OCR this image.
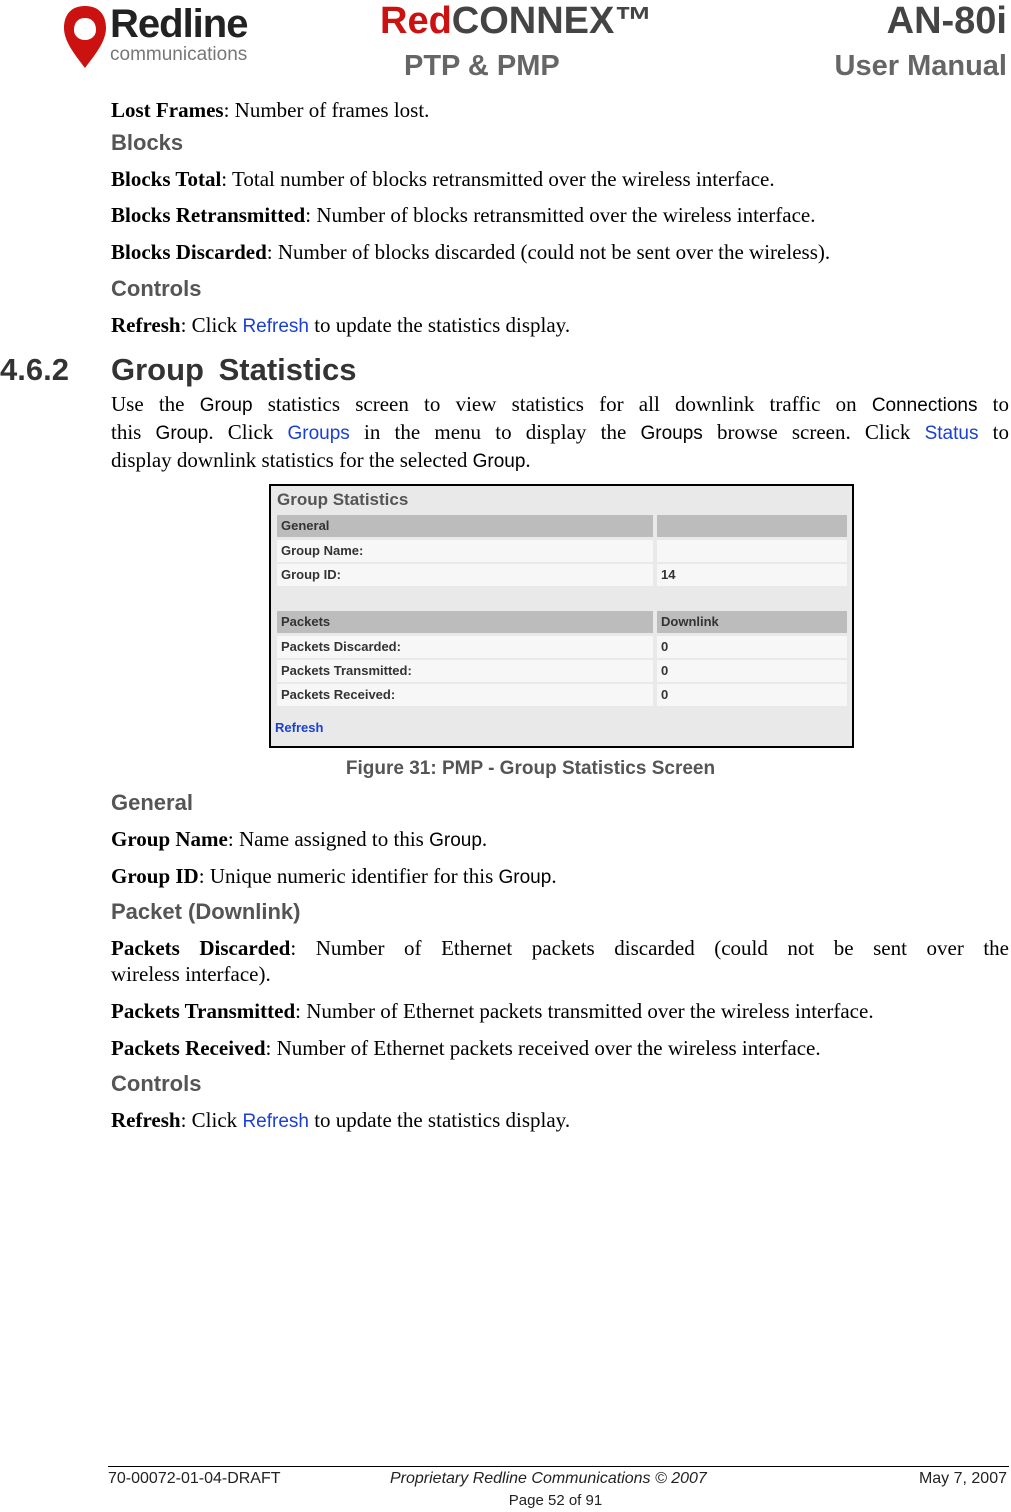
Redline
communications
RedCONNEX™	AN-80i
PTP & PMP	User Manual
Lost Frames: Number of frames lost.
Blocks
Blocks Total: Total number of blocks retransmitted over the wireless interface.
Blocks Retransmitted: Number of blocks retransmitted over the wireless interface.
Blocks Discarded: Number of blocks discarded (could not be sent over the wireless).
Controls
Refresh: Click Refresh to update the statistics display.
4.6.2 Group Statistics
Use the Group statistics screen to view statistics for all downlink traffic on Connections to
this Group. Click Groups in the menu to display the Groups browse screen. Click Status to
display downlink statistics for the selected Group.
Group Statistics
General
Group Name:
Group ID:	14
Packets	Downlink
Packets Discarded:	0
Packets Transmitted:	0
Packets Received:	0
Refresh
Figure 31: PMP - Group Statistics Screen
General
Group Name: Name assigned to this Group.
Group ID: Unique numeric identifier for this Group.
Packet (Downlink)
Packets Discarded: Number of Ethernet packets discarded (could not be sent over the
wireless interface).
Packets Transmitted: Number of Ethernet packets transmitted over the wireless interface.
Packets Received: Number of Ethernet packets received over the wireless interface.
Controls
Refresh: Click Refresh to update the statistics display.
70-00072-01-04-DRAFT	Proprietary Redline Communications © 2007	May 7, 2007
Page 52 of 91
